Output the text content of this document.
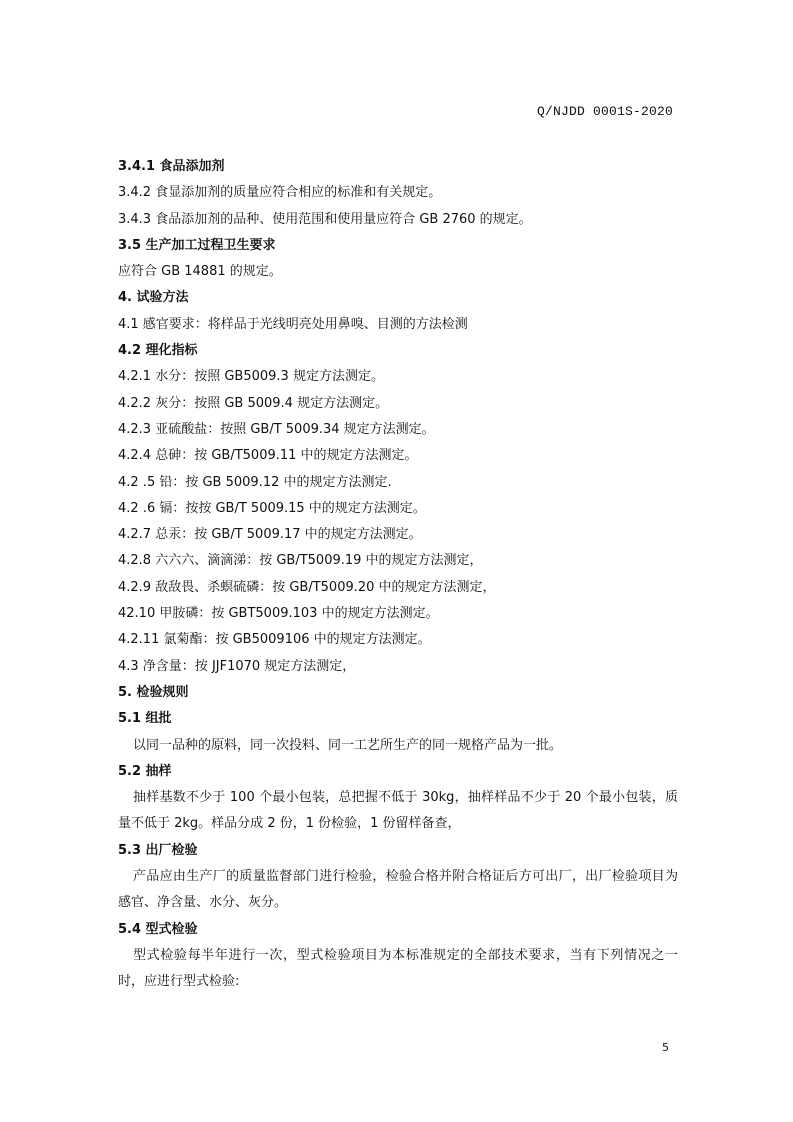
Q/NJDD 0001S-2020
3.4.1 食品添加剂
3.4.2 食显添加剂的质量应符合相应的标准和有关规定。
3.4.3 食品添加剂的品种、使用范围和使用量应符合 GB 2760 的规定。
3.5 生产加工过程卫生要求
应符合 GB 14881 的规定。
4. 试验方法
4.1 感官要求：将样品于光线明亮处用鼻嗅、目测的方法检测
4.2 理化指标
4.2.1 水分：按照 GB5009.3 规定方法测定。
4.2.2 灰分：按照 GB 5009.4 规定方法测定。
4.2.3 亚硫酸盐：按照 GB/T 5009.34 规定方法测定。
4.2.4 总砷：按 GB/T5009.11 中的规定方法测定。
4.2 .5 铅：按 GB 5009.12 中的规定方法测定.
4.2 .6 镉：按按 GB/T 5009.15 中的规定方法测定。
4.2.7 总汞：按 GB/T 5009.17 中的规定方法测定。
4.2.8 六六六、滴滴涕：按 GB/T5009.19 中的规定方法测定，
4.2.9 敌敌畏、杀螟硫磷：按 GB/T5009.20 中的规定方法测定，
42.10 甲胺磷：按 GBT5009.103 中的规定方法测定。
4.2.11 氯菊酯：按 GB5009106 中的规定方法测定。
4.3 净含量：按 JJF1070 规定方法测定，
5. 检验规则
5.1 组批
以同一品种的原料，同一次投料、同一工艺所生产的同一规格产品为一批。
5.2 抽样
抽样基数不少于 100 个最小包装，总把握不低于 30kg，抽样样品不少于 20 个最小包装，质量不低于 2kg。样品分成 2 份，1 份检验，1 份留样备查，
5.3 出厂检验
产品应由生产厂的质量监督部门进行检验，检验合格并附合格证后方可出厂，出厂检验项目为感官、净含量、水分、灰分。
5.4 型式检验
型式检验每半年进行一次，型式检验项目为本标准规定的全部技术要求，当有下列情况之一时，应进行型式检验:
5
